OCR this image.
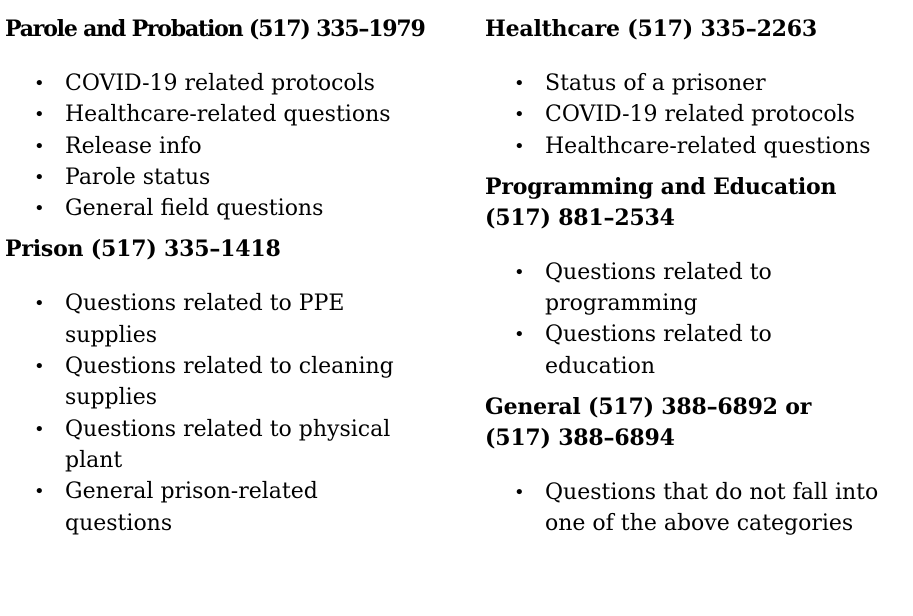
Parole and Probation (517) 335–1979
• COVID-19 related protocols
• Healthcare-related questions
• Release info
• Parole status
• General field questions
Prison (517) 335–1418
• Questions related to PPE supplies
• Questions related to cleaning supplies
• Questions related to physical plant
• General prison-related questions
Healthcare (517) 335–2263
• Status of a prisoner
• COVID-19 related protocols
• Healthcare-related questions
Programming and Education
(517) 881–2534
• Questions related to programming
• Questions related to education
General (517) 388–6892 or
(517) 388–6894
• Questions that do not fall into one of the above categories
